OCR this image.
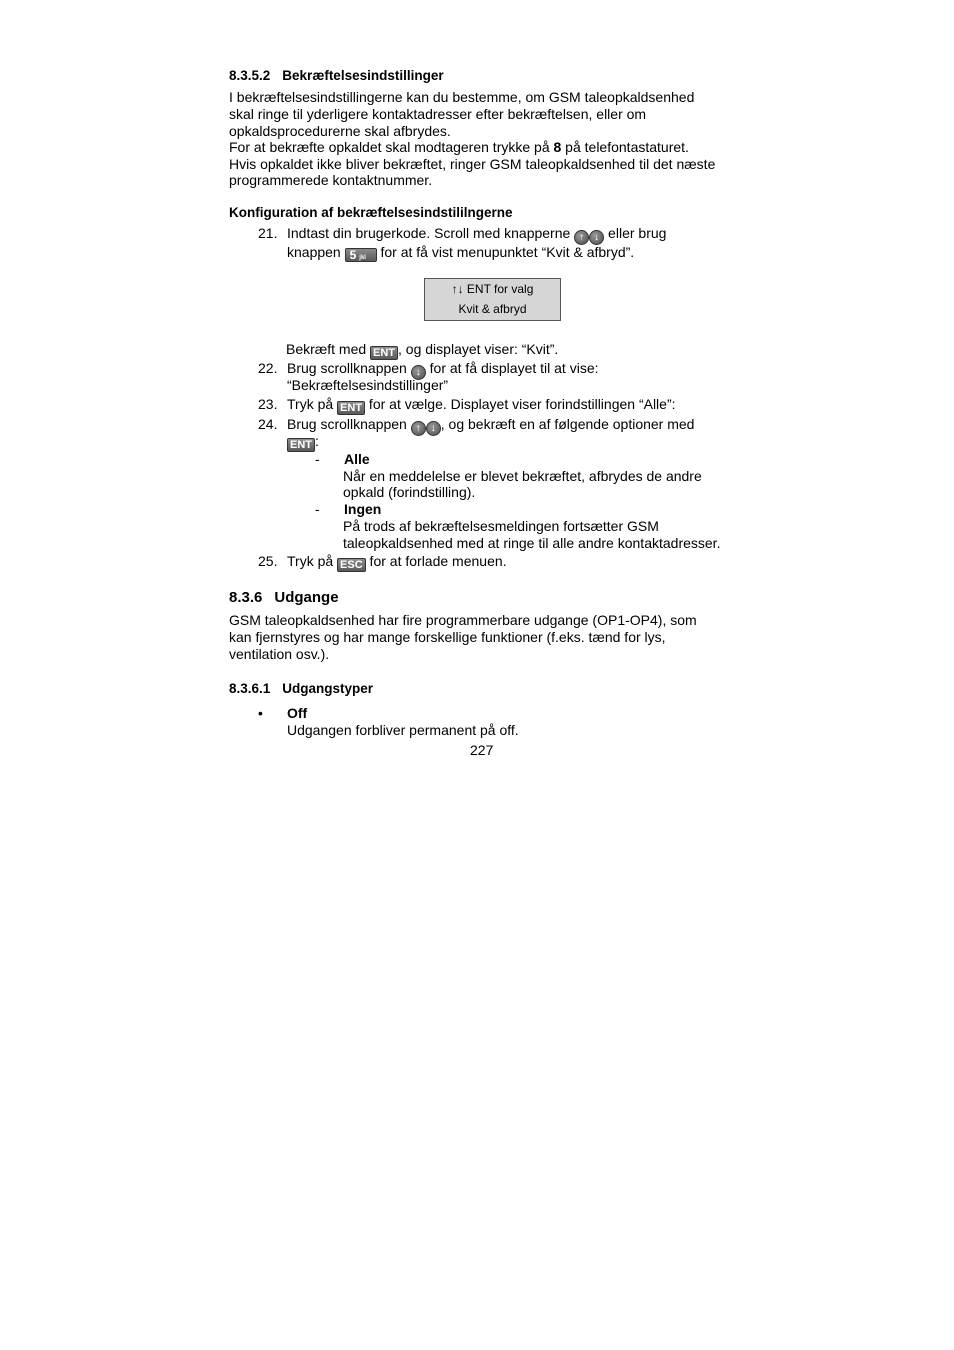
8.3.5.2 Bekræftelsesindstillinger
I bekræftelsesindstillingerne kan du bestemme, om GSM taleopkaldsenhed
skal ringe til yderligere kontaktadresser efter bekræftelsen, eller om
opkaldsprocedurerne skal afbrydes.
For at bekræfte opkaldet skal modtageren trykke på 8 på telefontastaturet.
Hvis opkaldet ikke bliver bekræftet, ringer GSM taleopkaldsenhed til det næste
programmerede kontaktnummer.
Konfiguration af bekræftelsesindstililngerne
21. Indtast din brugerkode. Scroll med knapperne ↑ ↓ eller brug
knappen 5 jkl for at få vist menupunktet “Kvit & afbryd”.
↑↓ ENT for valg
Kvit & afbryd
Bekræft med ENT , og displayet viser: “Kvit”.
22. Brug scrollknappen ↓ for at få displayet til at vise:
“Bekræftelsesindstillinger”
23. Tryk på ENT for at vælge. Displayet viser forindstillingen “Alle”:
24. Brug scrollknappen ↑ ↓ , og bekræft en af følgende optioner med
ENT :
- Alle
Når en meddelelse er blevet bekræftet, afbrydes de andre
opkald (forindstilling).
- Ingen
På trods af bekræftelsesmeldingen fortsætter GSM
taleopkaldsenhed med at ringe til alle andre kontaktadresser.
25. Tryk på ESC for at forlade menuen.
8.3.6 Udgange
GSM taleopkaldsenhed har fire programmerbare udgange (OP1-OP4), som
kan fjernstyres og har mange forskellige funktioner (f.eks. tænd for lys,
ventilation osv.).
8.3.6.1 Udgangstyper
• Off
Udgangen forbliver permanent på off.
227
